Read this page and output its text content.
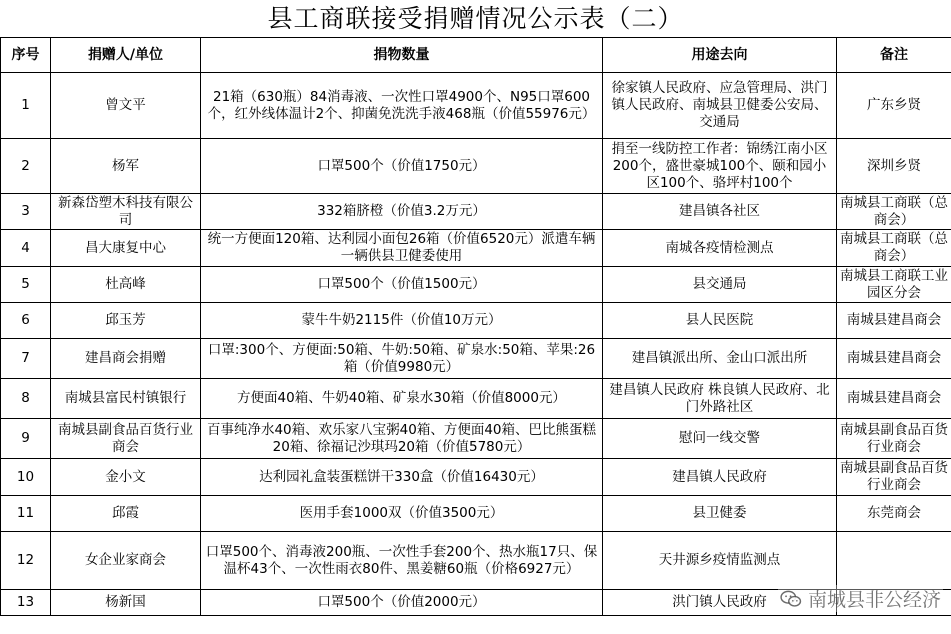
县工商联接受捐赠情况公示表（二）
序号	捐赠人/单位	捐物数量	用途去向	备注
1	曾文平	21箱（630瓶）84消毒液、一次性口罩4900个、N95口罩600个，红外线体温计2个、抑菌免洗洗手液468瓶（价值55976元）	徐家镇人民政府、应急管理局、洪门镇人民政府、南城县卫健委公安局、交通局	广东乡贤
2	杨军	口罩500个（价值1750元）	捐至一线防控工作者：锦绣江南小区200个，盛世豪城100个、颐和园小区100个、骆坪村100个	深圳乡贤
3	新森岱塑木科技有限公司	332箱脐橙（价值3.2万元）	建昌镇各社区	南城县工商联（总商会）
4	昌大康复中心	统一方便面120箱、达利园小面包26箱（价值6520元）派遣车辆一辆供县卫健委使用	南城各疫情检测点	南城县工商联（总商会）
5	杜高峰	口罩500个（价值1500元）	县交通局	南城县工商联工业园区分会
6	邱玉芳	蒙牛牛奶2115件（价值10万元）	县人民医院	南城县建昌商会
7	建昌商会捐赠	口罩:300个、方便面:50箱、牛奶:50箱、矿泉水:50箱、苹果:26箱（价值9980元）	建昌镇派出所、金山口派出所	南城县建昌商会
8	南城县富民村镇银行	方便面40箱、牛奶40箱、矿泉水30箱（价值8000元）	建昌镇人民政府 株良镇人民政府、北门外路社区	南城县建昌商会
9	南城县副食品百货行业商会	百事纯净水40箱、欢乐家八宝粥40箱、方便面40箱、巴比熊蛋糕20箱、徐福记沙琪玛20箱（价值5780元）	慰问一线交警	南城县副食品百货行业商会
10	金小文	达利园礼盒装蛋糕饼干330盒（价值16430元）	建昌镇人民政府	南城县副食品百货行业商会
11	邱霞	医用手套1000双（价值3500元）	县卫健委	东莞商会
12	女企业家商会	口罩500个、消毒液200瓶、一次性手套200个、热水瓶17只、保温杯43个、一次性雨衣80件、黑姜糖60瓶（价格6927元）	天井源乡疫情监测点	
13	杨新国	口罩500个（价值2000元）	洪门镇人民政府	南城县非公经济
